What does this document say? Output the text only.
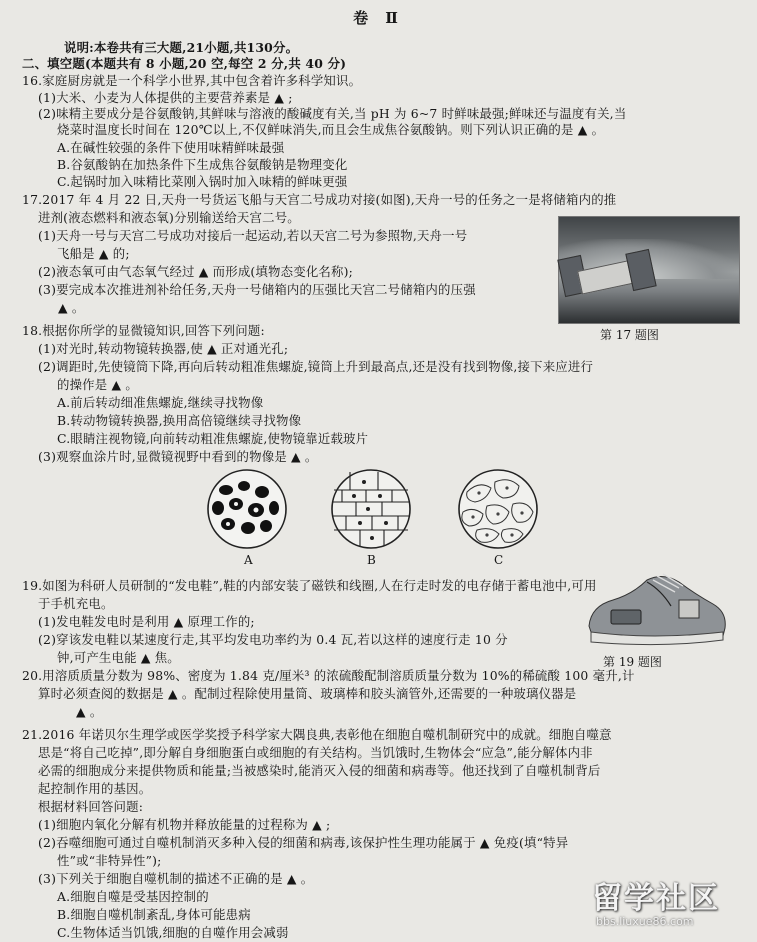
卷 Ⅱ
说明:本卷共有三大题,21小题,共130分。
二、填空题(本题共有 8 小题,20 空,每空 2 分,共 40 分)
16.家庭厨房就是一个科学小世界,其中包含着许多科学知识。
(1)大米、小麦为人体提供的主要营养素是 ▲ ;
(2)味精主要成分是谷氨酸钠,其鲜味与溶液的酸碱度有关,当 pH 为 6~7 时鲜味最强;鲜味还与温度有关,当
烧菜时温度长时间在 120℃以上,不仅鲜味消失,而且会生成焦谷氨酸钠。则下列认识正确的是 ▲ 。
A.在碱性较强的条件下使用味精鲜味最强
B.谷氨酸钠在加热条件下生成焦谷氨酸钠是物理变化
C.起锅时加入味精比菜刚入锅时加入味精的鲜味更强
17.2017 年 4 月 22 日,天舟一号货运飞船与天宫二号成功对接(如图),天舟一号的任务之一是将储箱内的推
进剂(液态燃料和液态氧)分别输送给天宫二号。
(1)天舟一号与天宫二号成功对接后一起运动,若以天宫二号为参照物,天舟一号
飞船是 ▲ 的;
(2)液态氧可由气态氧气经过 ▲ 而形成(填物态变化名称);
(3)要完成本次推进剂补给任务,天舟一号储箱内的压强比天宫二号储箱内的压强
▲ 。
第 17 题图
18.根据你所学的显微镜知识,回答下列问题:
(1)对光时,转动物镜转换器,使 ▲ 正对通光孔;
(2)调距时,先使镜筒下降,再向后转动粗准焦螺旋,镜筒上升到最高点,还是没有找到物像,接下来应进行
的操作是 ▲ 。
A.前后转动细准焦螺旋,继续寻找物像
B.转动物镜转换器,换用高倍镜继续寻找物像
C.眼睛注视物镜,向前转动粗准焦螺旋,使物镜靠近载玻片
(3)观察血涂片时,显微镜视野中看到的物像是 ▲ 。
A	B	C
19.如图为科研人员研制的“发电鞋”,鞋的内部安装了磁铁和线圈,人在行走时发的电存储于蓄电池中,可用
于手机充电。
(1)发电鞋发电时是利用 ▲ 原理工作的;
(2)穿该发电鞋以某速度行走,其平均发电功率约为 0.4 瓦,若以这样的速度行走 10 分
钟,可产生电能 ▲ 焦。	第 19 题图
20.用溶质质量分数为 98%、密度为 1.84 克/厘米³ 的浓硫酸配制溶质质量分数为 10%的稀硫酸 100 毫升,计
算时必须查阅的数据是 ▲ 。配制过程除使用量筒、玻璃棒和胶头滴管外,还需要的一种玻璃仪器是
▲ 。
21.2016 年诺贝尔生理学或医学奖授予科学家大隅良典,表彰他在细胞自噬机制研究中的成就。细胞自噬意
思是“将自己吃掉”,即分解自身细胞蛋白或细胞的有关结构。当饥饿时,生物体会“应急”,能分解体内非
必需的细胞成分来提供物质和能量;当被感染时,能消灭入侵的细菌和病毒等。他还找到了自噬机制背后
起控制作用的基因。
根据材料回答问题:
(1)细胞内氧化分解有机物并释放能量的过程称为 ▲ ;
(2)吞噬细胞可通过自噬机制消灭多种入侵的细菌和病毒,该保护性生理功能属于 ▲ 免疫(填“特异
性”或“非特异性”);
(3)下列关于细胞自噬机制的描述不正确的是 ▲ 。
A.细胞自噬是受基因控制的
B.细胞自噬机制紊乱,身体可能患病
C.生物体适当饥饿,细胞的自噬作用会减弱
留学社区
bbs.liuxue86.com
